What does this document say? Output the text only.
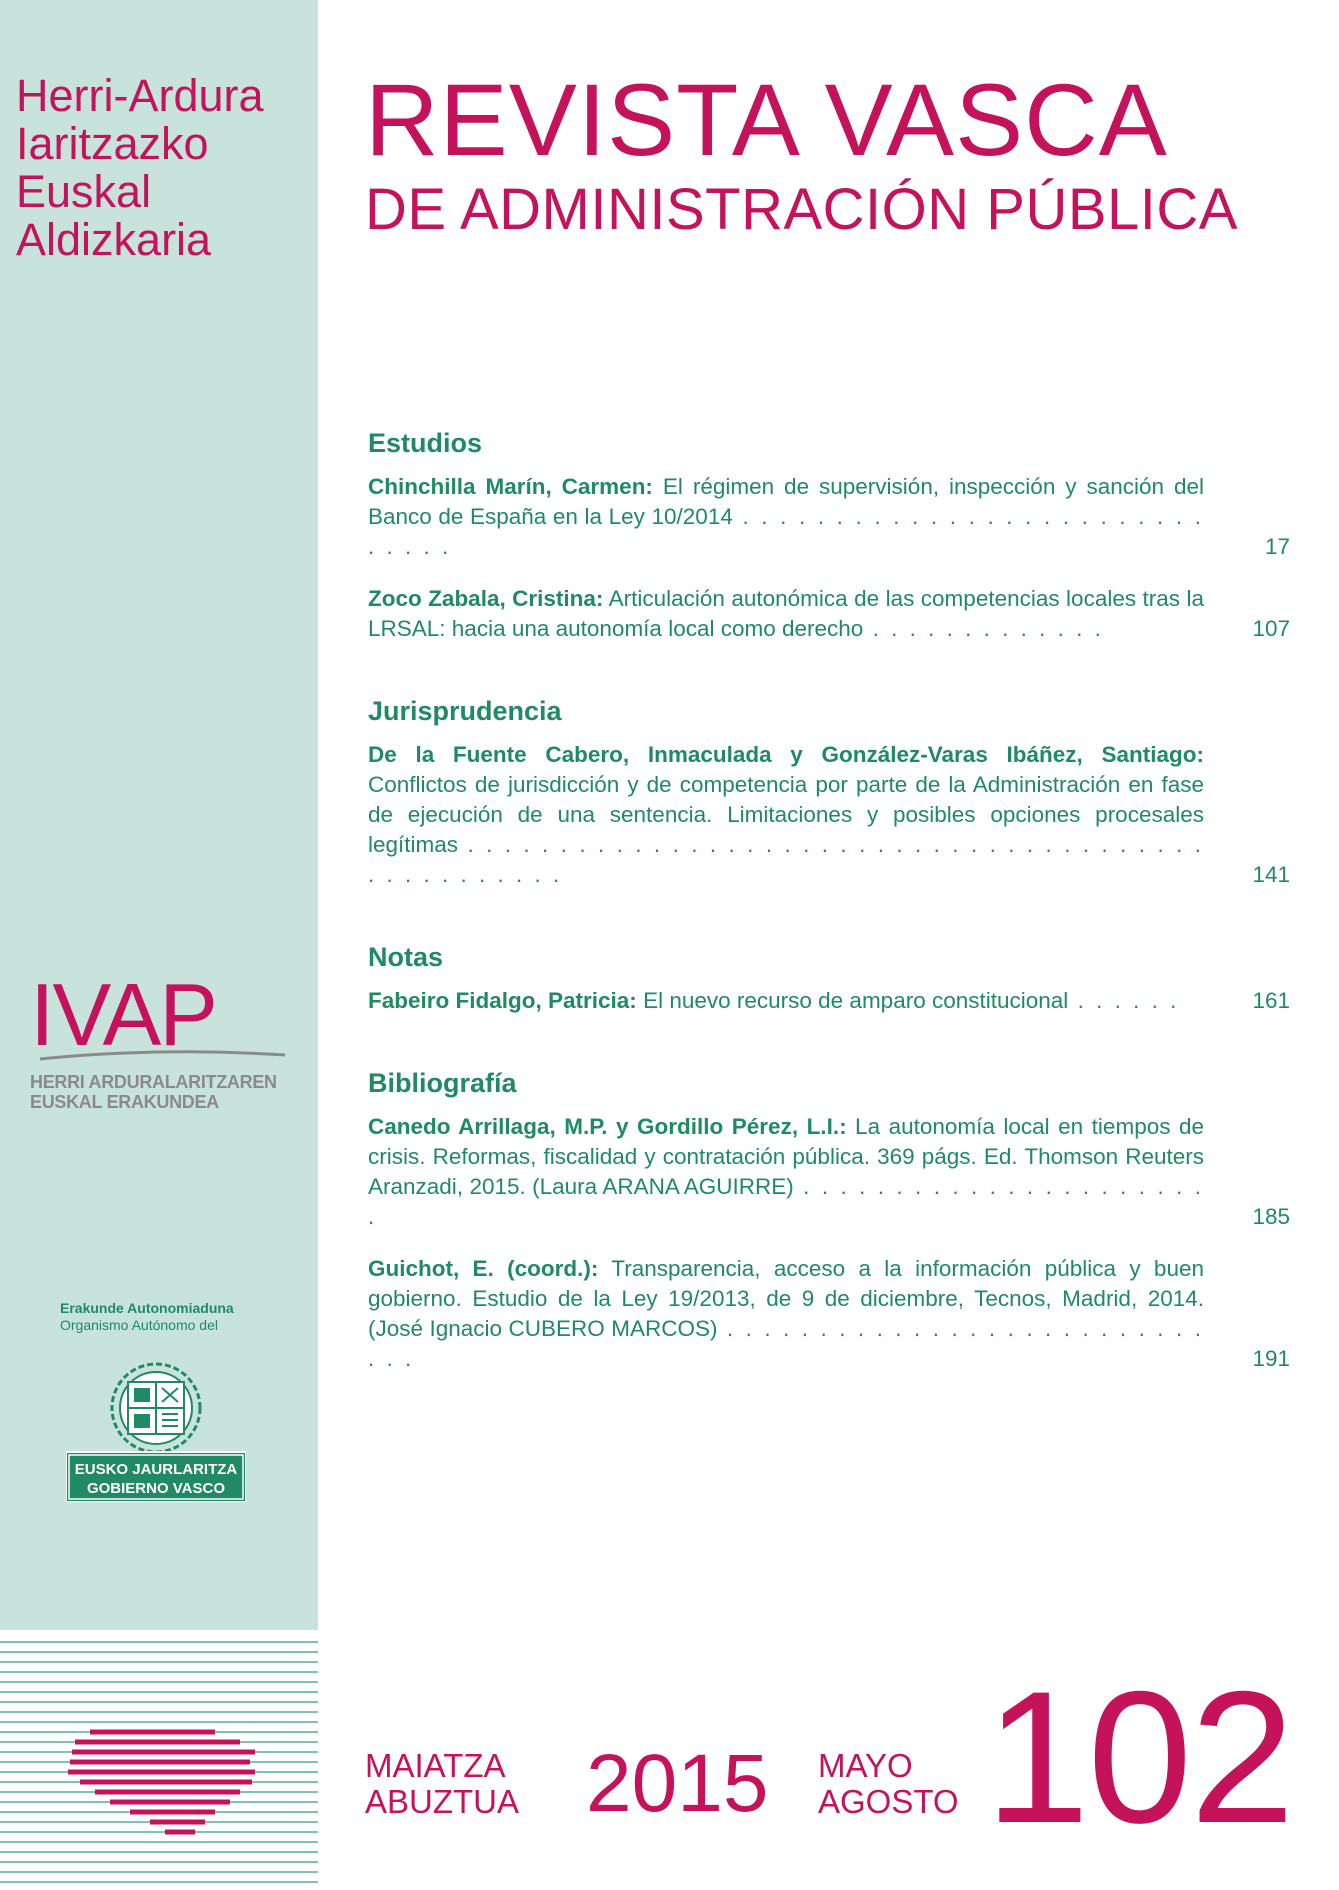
Herri-Ardura
Iaritzazko
Euskal
Aldizkaria
IVAP
HERRI ARDURALARITZAREN
EUSKAL ERAKUNDEA
Erakunde Autonomiaduna
Organismo Autónomo del
EUSKO JAURLARITZA
GOBIERNO VASCO
REVISTA VASCA
DE ADMINISTRACIÓN PÚBLICA
Estudios
Chinchilla Marín, Carmen: El régimen de supervisión, inspección y sanción del Banco de España en la Ley 10/2014 . . . . . . . . . . . . . . . . . . . . . . . . . . . . . .	17
Zoco Zabala, Cristina: Articulación autonómica de las competencias locales tras la LRSAL: hacia una autonomía local como derecho . . . . . . . . . . . . .	107
Jurisprudencia
De la Fuente Cabero, Inmaculada y González-Varas Ibáñez, Santiago: Conflictos de jurisdicción y de competencia por parte de la Administración en fase de ejecución de una sentencia. Limitaciones y posibles opciones procesales legítimas . . . . . . . . . . . . . . . . . . . . . . . . . . . . . . . . . . . . . . . . . . . . . . . . . . .	141
Notas
Fabeiro Fidalgo, Patricia: El nuevo recurso de amparo constitucional . . . . . .	161
Bibliografía
Canedo Arrillaga, M.P. y Gordillo Pérez, L.I.: La autonomía local en tiempos de crisis. Reformas, fiscalidad y contratación pública. 369 págs. Ed. Thomson Reuters Aranzadi, 2015. (Laura ARANA AGUIRRE) . . . . . . . . . . . . . . . . . . . . . . .	185
Guichot, E. (coord.): Transparencia, acceso a la información pública y buen gobierno. Estudio de la Ley 19/2013, de 9 de diciembre, Tecnos, Madrid, 2014. (José Ignacio CUBERO MARCOS) . . . . . . . . . . . . . . . . . . . . . . . . . . . . .	191
MAIATZA
ABUZTUA 2015 MAYO
AGOSTO 102
